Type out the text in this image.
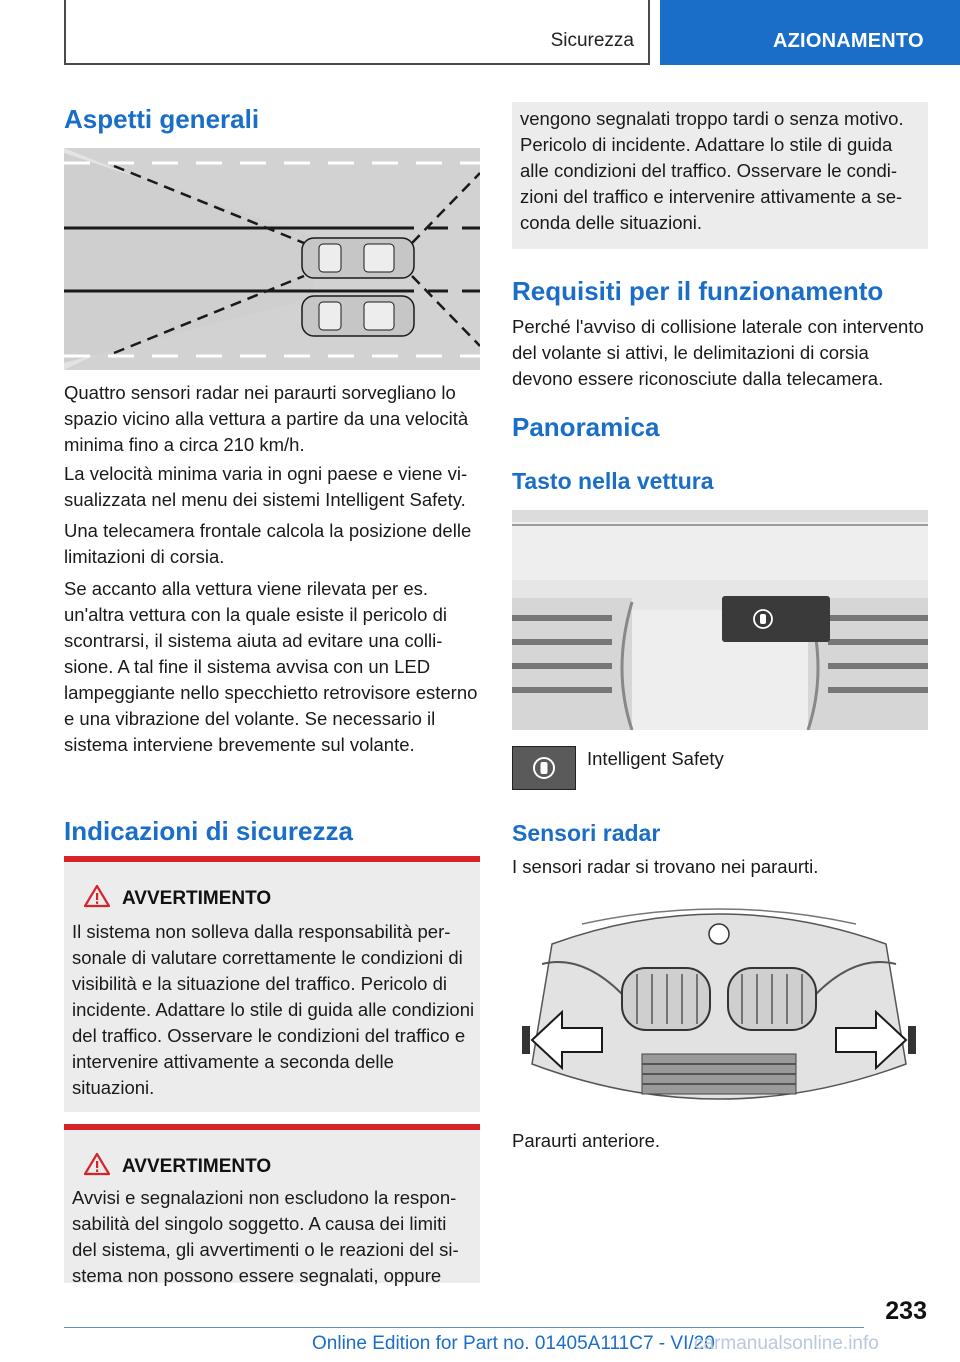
Sicurezza	AZIONAMENTO
Aspetti generali
Quattro sensori radar nei paraurti sorvegliano lo spazio vicino alla vettura a partire da una velocità minima fino a circa 210 km/h.
La velocità minima varia in ogni paese e viene visualizzata nel menu dei sistemi Intelligent Safety.
Una telecamera frontale calcola la posizione delle limitazioni di corsia.
Se accanto alla vettura viene rilevata per es. un'altra vettura con la quale esiste il pericolo di scontrarsi, il sistema aiuta ad evitare una collisione. A tal fine il sistema avvisa con un LED lampeggiante nello specchietto retrovisore esterno e una vibrazione del volante. Se necessario il sistema interviene brevemente sul volante.
Indicazioni di sicurezza
AVVERTIMENTO
Il sistema non solleva dalla responsabilità personale di valutare correttamente le condizioni di visibilità e la situazione del traffico. Pericolo di incidente. Adattare lo stile di guida alle condizioni del traffico. Osservare le condizioni del traffico e intervenire attivamente a seconda delle situazioni.
AVVERTIMENTO
Avvisi e segnalazioni non escludono la responsabilità del singolo soggetto. A causa dei limiti del sistema, gli avvertimenti o le reazioni del sistema non possono essere segnalati, oppure
vengono segnalati troppo tardi o senza motivo. Pericolo di incidente. Adattare lo stile di guida alle condizioni del traffico. Osservare le condizioni del traffico e intervenire attivamente a seconda delle situazioni.
Requisiti per il funzionamento
Perché l'avviso di collisione laterale con intervento del volante si attivi, le delimitazioni di corsia devono essere riconosciute dalla telecamera.
Panoramica
Tasto nella vettura
Intelligent Safety
Sensori radar
I sensori radar si trovano nei paraurti.
Paraurti anteriore.
233
Online Edition for Part no. 01405A111C7 - VI/20
carmanualsonline.info
